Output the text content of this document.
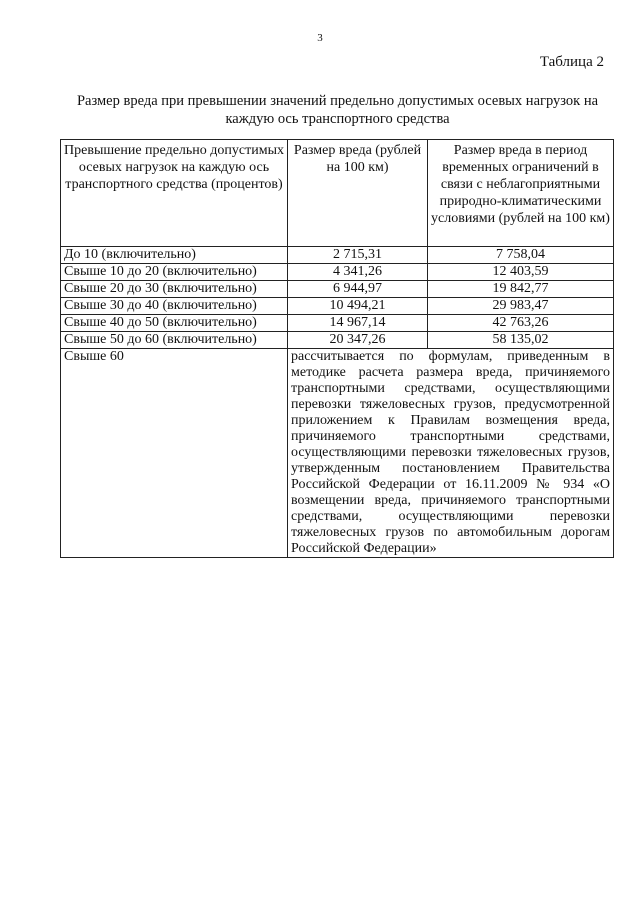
3
Таблица 2
Размер вреда при превышении значений предельно допустимых осевых нагрузок на каждую ось транспортного средства
Превышение предельно допустимых осевых нагрузок на каждую ось транспортного средства (процентов)	Размер вреда (рублей на 100 км)	Размер вреда в период временных ограничений в связи с неблагоприятными природно-климатическими условиями (рублей на 100 км)
До 10 (включительно)	2 715,31	7 758,04
Свыше 10 до 20 (включительно)	4 341,26	12 403,59
Свыше 20 до 30 (включительно)	6 944,97	19 842,77
Свыше 30 до 40 (включительно)	10 494,21	29 983,47
Свыше 40 до 50 (включительно)	14 967,14	42 763,26
Свыше 50 до 60 (включительно)	20 347,26	58 135,02
Свыше 60	рассчитывается по формулам, приведенным в методике расчета размера вреда, причиняемого транспортными средствами, осуществляющими перевозки тяжеловесных грузов, предусмотренной приложением к Правилам возмещения вреда, причиняемого транспортными средствами, осуществляющими перевозки тяжеловесных грузов, утвержденным постановлением Правительства Российской Федерации от 16.11.2009 № 934 «О возмещении вреда, причиняемого транспортными средствами, осуществляющими перевозки тяжеловесных грузов по автомобильным дорогам Российской Федерации»	
